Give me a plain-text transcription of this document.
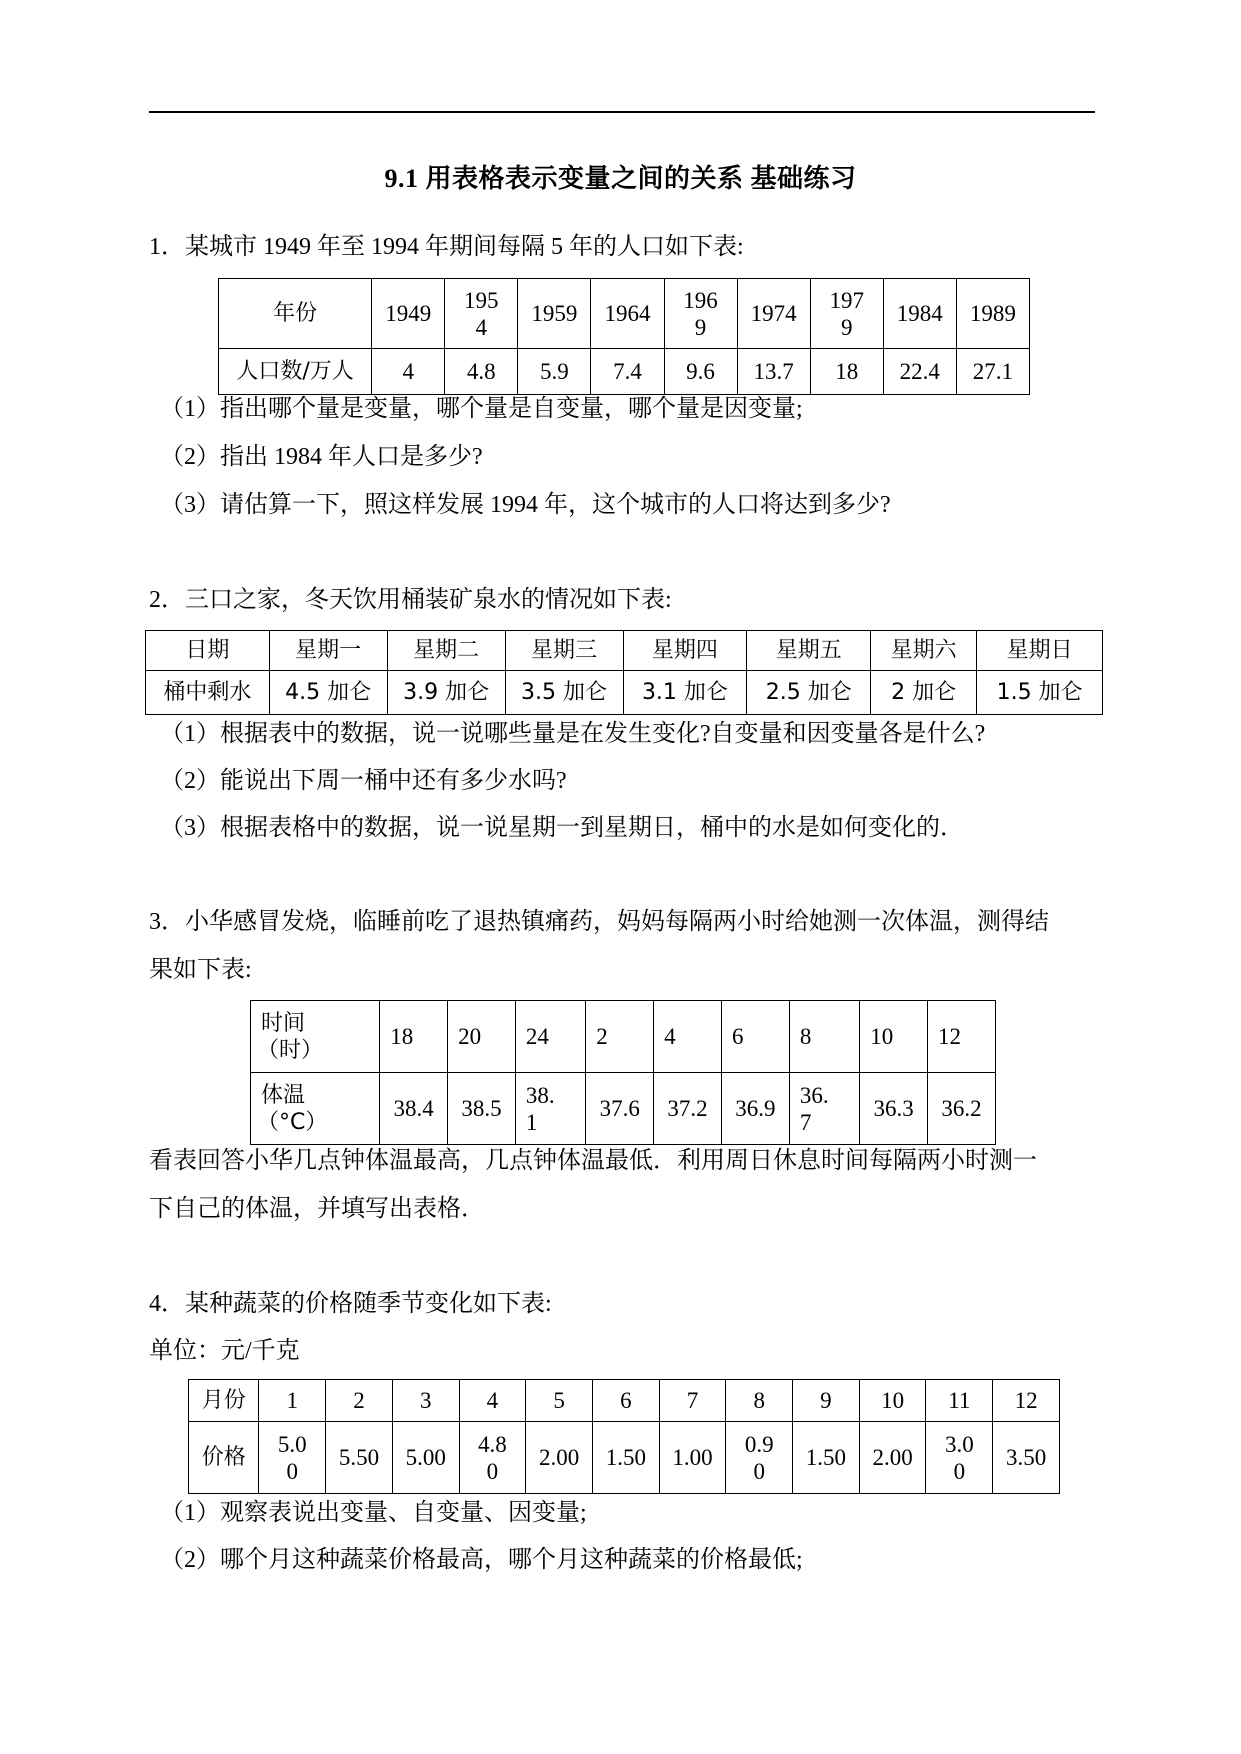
9.1 用表格表示变量之间的关系 基础练习
1．某城市 1949 年至 1994 年期间每隔 5 年的人口如下表:
年份	1949	1954	1959	1964	1969	1974	1979	1984	1989
人口数/万人	4	4.8	5.9	7.4	9.6	13.7	18	22.4	27.1
（1）指出哪个量是变量，哪个量是自变量，哪个量是因变量;
（2）指出 1984 年人口是多少?
（3）请估算一下，照这样发展 1994 年，这个城市的人口将达到多少?
2．三口之家，冬天饮用桶装矿泉水的情况如下表:
日期	星期一	星期二	星期三	星期四	星期五	星期六	星期日
桶中剩水	4.5 加仑	3.9 加仑	3.5 加仑	3.1 加仑	2.5 加仑	2 加仑	1.5 加仑
（1）根据表中的数据，说一说哪些量是在发生变化?自变量和因变量各是什么?
（2）能说出下周一桶中还有多少水吗?
（3）根据表格中的数据，说一说星期一到星期日，桶中的水是如何变化的．
3．小华感冒发烧，临睡前吃了退热镇痛药，妈妈每隔两小时给她测一次体温，测得结
果如下表:
时间
（时）	18	20	24	2	4	6	8	10	12

体温
（°C）	38.4	38.5	38.1	37.6	37.2	36.9	36.7	36.3	36.2
看表回答小华几点钟体温最高，几点钟体温最低．利用周日休息时间每隔两小时测一
下自己的体温，并填写出表格．
4．某种蔬菜的价格随季节变化如下表:
单位：元/千克
月份	1	2	3	4	5	6	7	8	9	10	11	12
价格	5.00	5.50	5.00	4.80	2.00	1.50	1.00	0.90	1.50	2.00	3.00	3.50
（1）观察表说出变量、自变量、因变量;
（2）哪个月这种蔬菜价格最高，哪个月这种蔬菜的价格最低;
